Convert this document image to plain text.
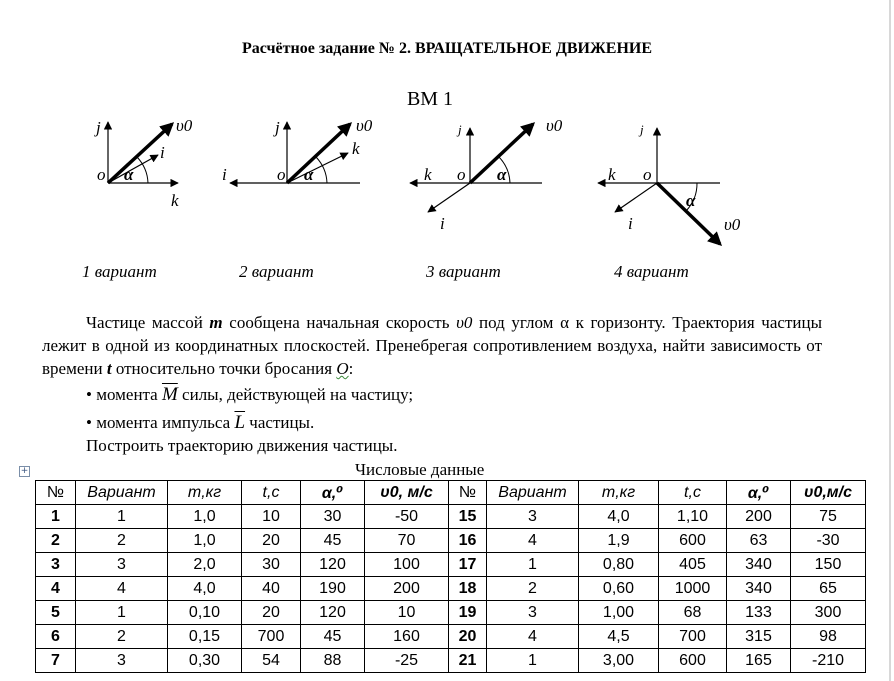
Расчётное задание № 2. ВРАЩАТЕЛЬНОЕ ДВИЖЕНИЕ
ВМ 1
j
i
k
o α
υ0	j
i
k
o α
υ0	j
k
i
o α
υ0	j
k
i
o
α
υ0
1 вариант	2 вариант	3 вариант	4 вариант
Частице массой m сообщена начальная скорость υ0 под углом α к горизонту. Траектория частицы лежит в одной из координатных плоскостей. Пренебрегая сопротивлением воздуха, найти зависимость от времени t относительно точки бросания O:
• момента $\overline{M}$ силы, действующей на частицу;
• момента импульса $\overline{L}$ частицы.
Построить траекторию движения частицы.
+	Числовые данные
№	Вариант	m,кг	t,с	α,⁰	υ0, м/с	№	Вариант	m,кг	t,с	α,⁰	υ0,м/с
1	1	1,0	10	30	-50	15	3	4,0	1,10	200	75
2	2	1,0	20	45	70	16	4	1,9	600	63	-30
3	3	2,0	30	120	100	17	1	0,80	405	340	150
4	4	4,0	40	190	200	18	2	0,60	1000	340	65
5	1	0,10	20	120	10	19	3	1,00	68	133	300
6	2	0,15	700	45	160	20	4	4,5	700	315	98
7	3	0,30	54	88	-25	21	1	3,00	600	165	-210
